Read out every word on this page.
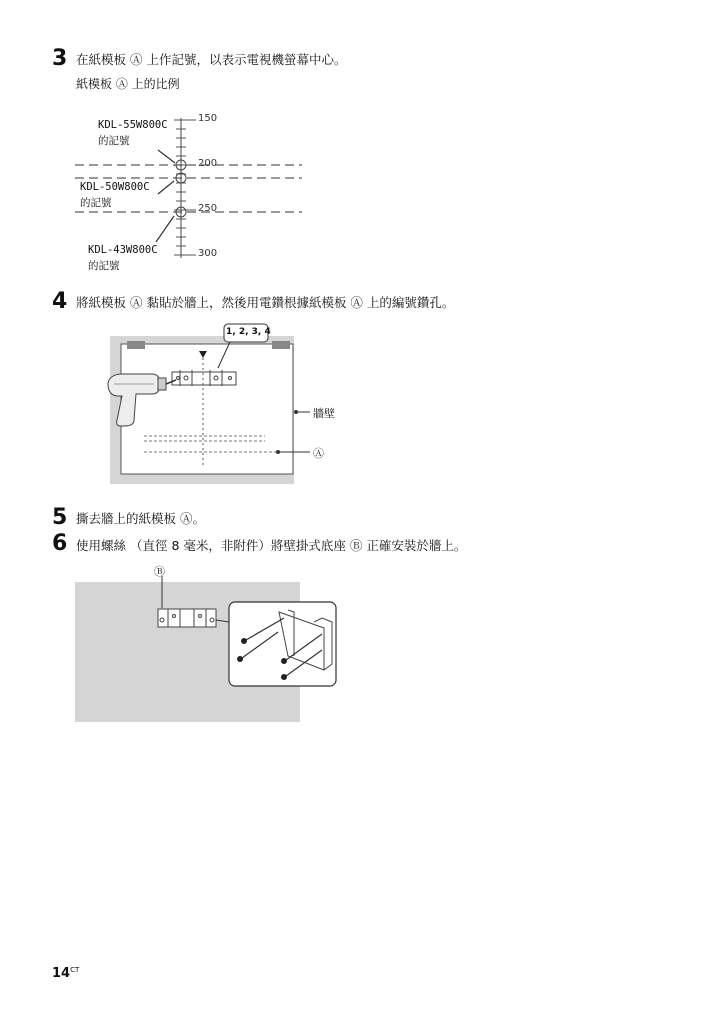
3 在紙模板 Ⓐ 上作記號，以表示電視機螢幕中心。
紙模板 Ⓐ 上的比例
150
200
250
300
KDL-55W800C
的記號
KDL-50W800C
的記號
KDL-43W800C
的記號
4 將紙模板 Ⓐ 黏貼於牆上，然後用電鑽根據紙模板 Ⓐ 上的編號鑽孔。
1, 2, 3, 4
牆壁
Ⓐ
5 撕去牆上的紙模板 Ⓐ。
6 使用螺絲 （直徑 8 毫米，非附件）將壁掛式底座 Ⓑ 正確安裝於牆上。
Ⓑ
$14^{CT}$
